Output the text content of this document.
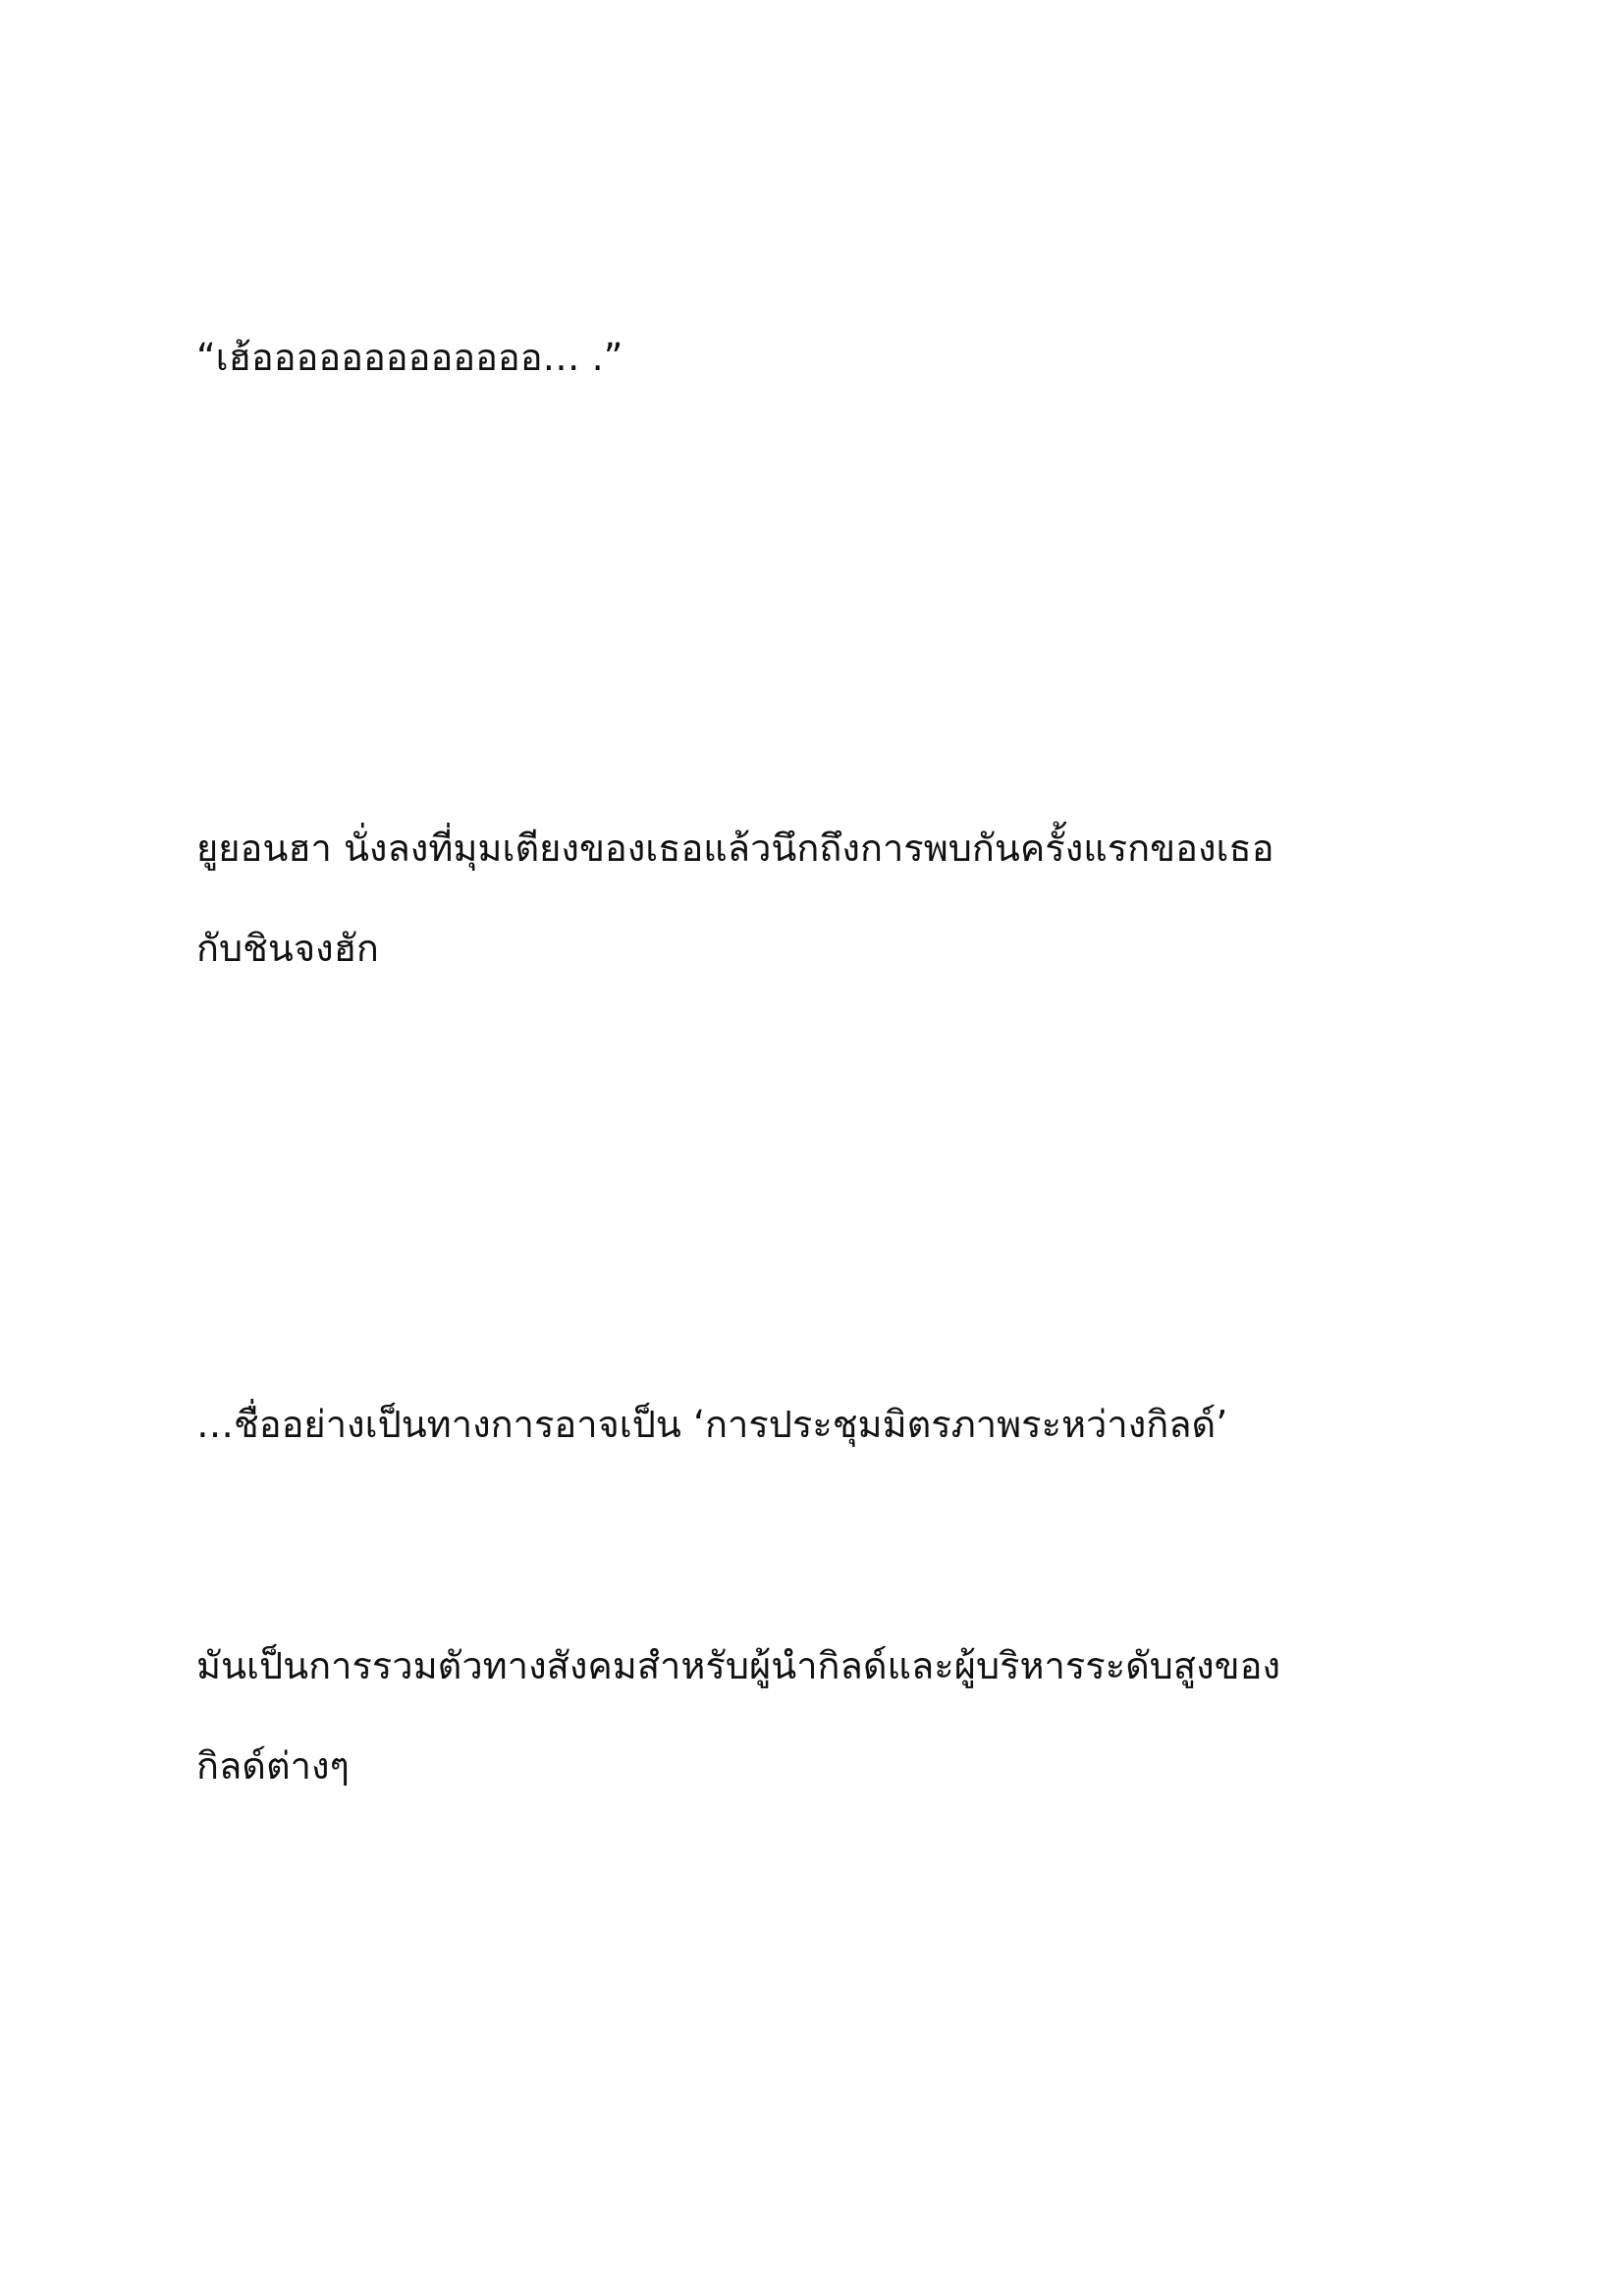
“เฮ้อออออออออออออ… .”

ยูยอนฮา นั่งลงที่มุมเตียงของเธอแล้วนึกถึงการพบกันครั้งแรกของเธอ

กับชินจงฮัก

…ชื่ออย่างเป็นทางการอาจเป็น ‘การประชุมมิตรภาพระหว่างกิลด์’

มันเป็นการรวมตัวทางสังคมสำหรับผู้นำกิลด์และผู้บริหารระดับสูงของ

กิลด์ต่างๆ
